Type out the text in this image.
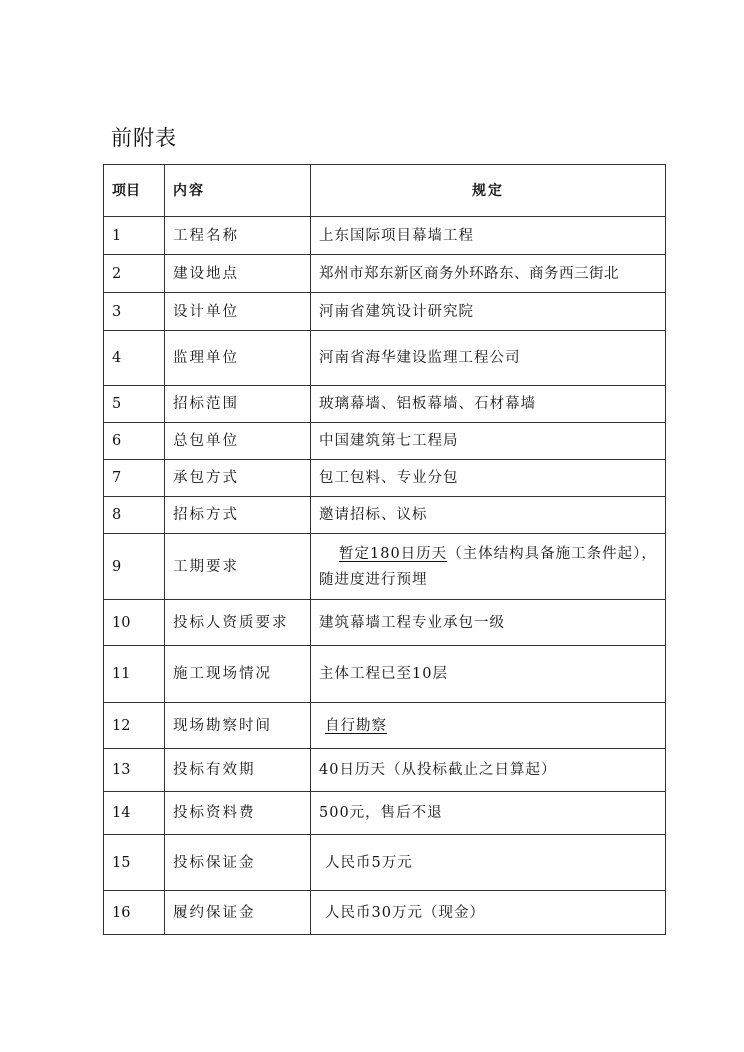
前附表
项目	内容	规定
1	工程名称	上东国际项目幕墙工程
2	建设地点	郑州市郑东新区商务外环路东、商务西三街北
3	设计单位	河南省建筑设计研究院
4	监理单位	河南省海华建设监理工程公司
5	招标范围	玻璃幕墙、铝板幕墙、石材幕墙
6	总包单位	中国建筑第七工程局
7	承包方式	包工包料、专业分包
8	招标方式	邀请招标、议标
9	工期要求	暂定180日历天（主体结构具备施工条件起），随进度进行预埋
10	投标人资质要求	建筑幕墙工程专业承包一级
11	施工现场情况	主体工程已至10层
12	现场勘察时间	自行勘察
13	投标有效期	40日历天（从投标截止之日算起）
14	投标资料费	500元，售后不退
15	投标保证金	人民币5万元
16	履约保证金	人民币30万元（现金）
